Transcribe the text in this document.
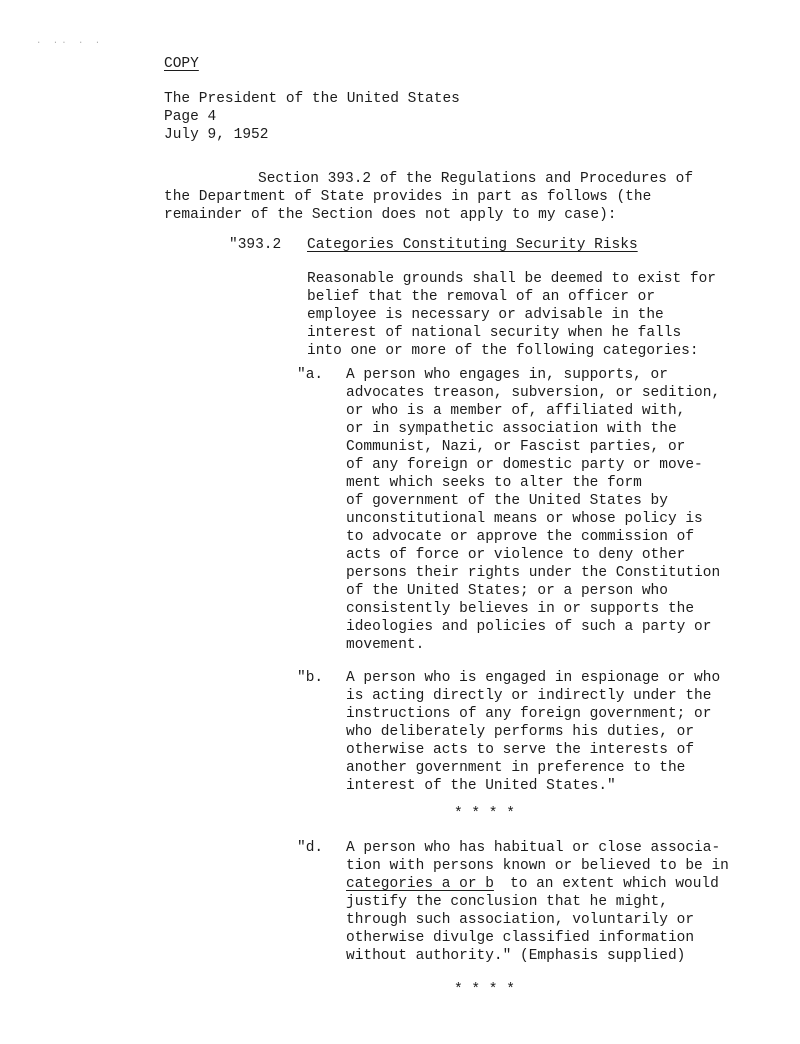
· ·· · ·
COPY
The President of the United States
Page 4
July 9, 1952
Section 393.2 of the Regulations and Procedures of
the Department of State provides in part as follows (the
remainder of the Section does not apply to my case):
"393.2 Categories Constituting Security Risks
Reasonable grounds shall be deemed to exist for
belief that the removal of an officer or
employee is necessary or advisable in the
interest of national security when he falls
into one or more of the following categories:
"a. A person who engages in, supports, or
advocates treason, subversion, or sedition,
or who is a member of, affiliated with,
or in sympathetic association with the
Communist, Nazi, or Fascist parties, or
of any foreign or domestic party or move-
ment which seeks to alter the form
of government of the United States by
unconstitutional means or whose policy is
to advocate or approve the commission of
acts of force or violence to deny other
persons their rights under the Constitution
of the United States; or a person who
consistently believes in or supports the
ideologies and policies of such a party or
movement.
"b. A person who is engaged in espionage or who
is acting directly or indirectly under the
instructions of any foreign government; or
who deliberately performs his duties, or
otherwise acts to serve the interests of
another government in preference to the
interest of the United States."
* * * *
"d. A person who has habitual or close associa-
tion with persons known or believed to be in
categories a or b to an extent which would
justify the conclusion that he might,
through such association, voluntarily or
otherwise divulge classified information
without authority." (Emphasis supplied)
* * * *
